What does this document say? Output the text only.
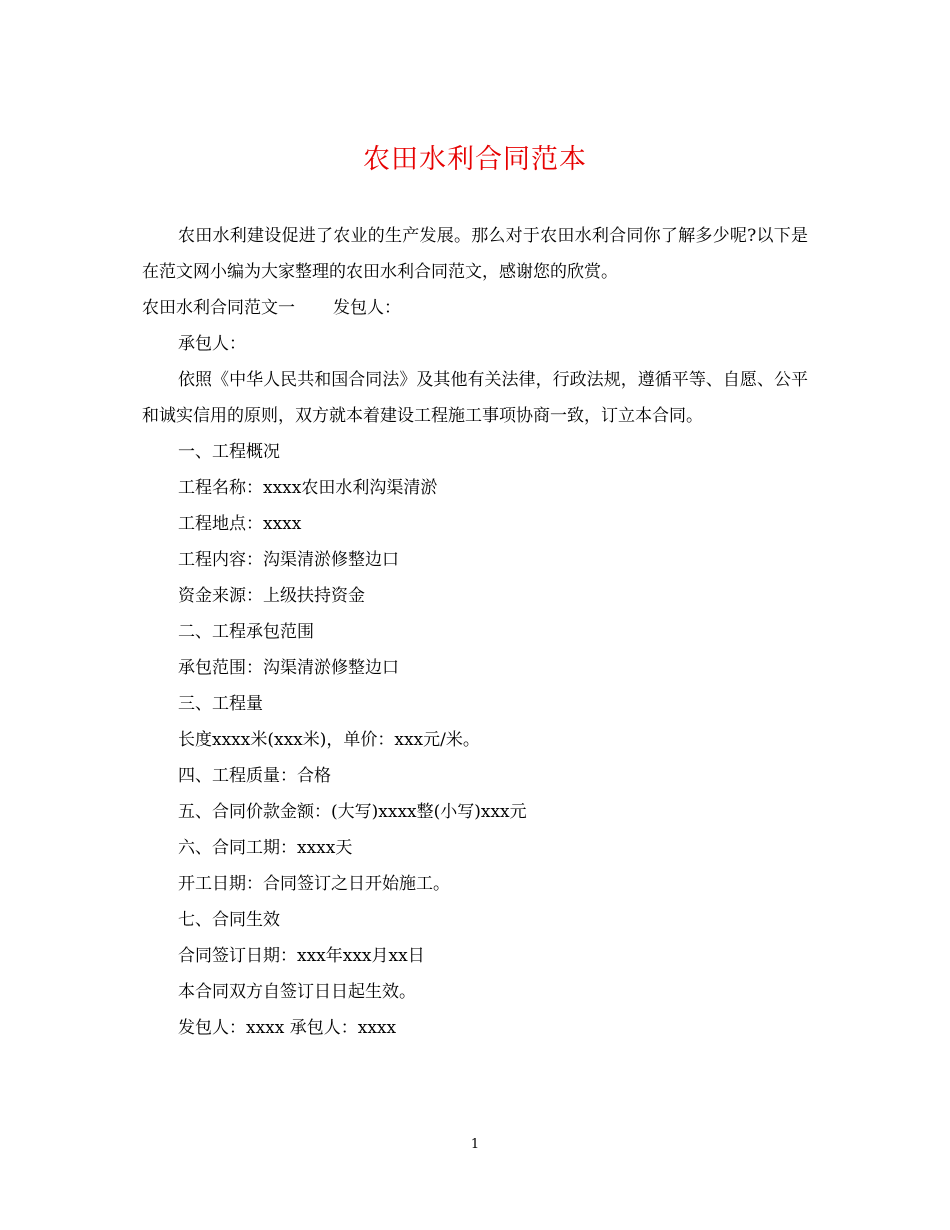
农田水利合同范本

农田水利建设促进了农业的生产发展。那么对于农田水利合同你了解多少呢?以下是在范文网小编为大家整理的农田水利合同范文，感谢您的欣赏。

农田水利合同范文一 发包人：

承包人：

依照《中华人民共和国合同法》及其他有关法律，行政法规，遵循平等、自愿、公平和诚实信用的原则，双方就本着建设工程施工事项协商一致，订立本合同。

一、工程概况

工程名称：xxxx农田水利沟渠清淤

工程地点：xxxx

工程内容：沟渠清淤修整边口

资金来源：上级扶持资金

二、工程承包范围

承包范围：沟渠清淤修整边口

三、工程量

长度xxxx米(xxx米)，单价：xxx元/米。

四、工程质量：合格

五、合同价款金额：(大写)xxxx整(小写)xxx元

六、合同工期：xxxx天

开工日期：合同签订之日开始施工。

七、合同生效

合同签订日期：xxx年xxx月xx日

本合同双方自签订日日起生效。

发包人：xxxx 承包人：xxxx

1
